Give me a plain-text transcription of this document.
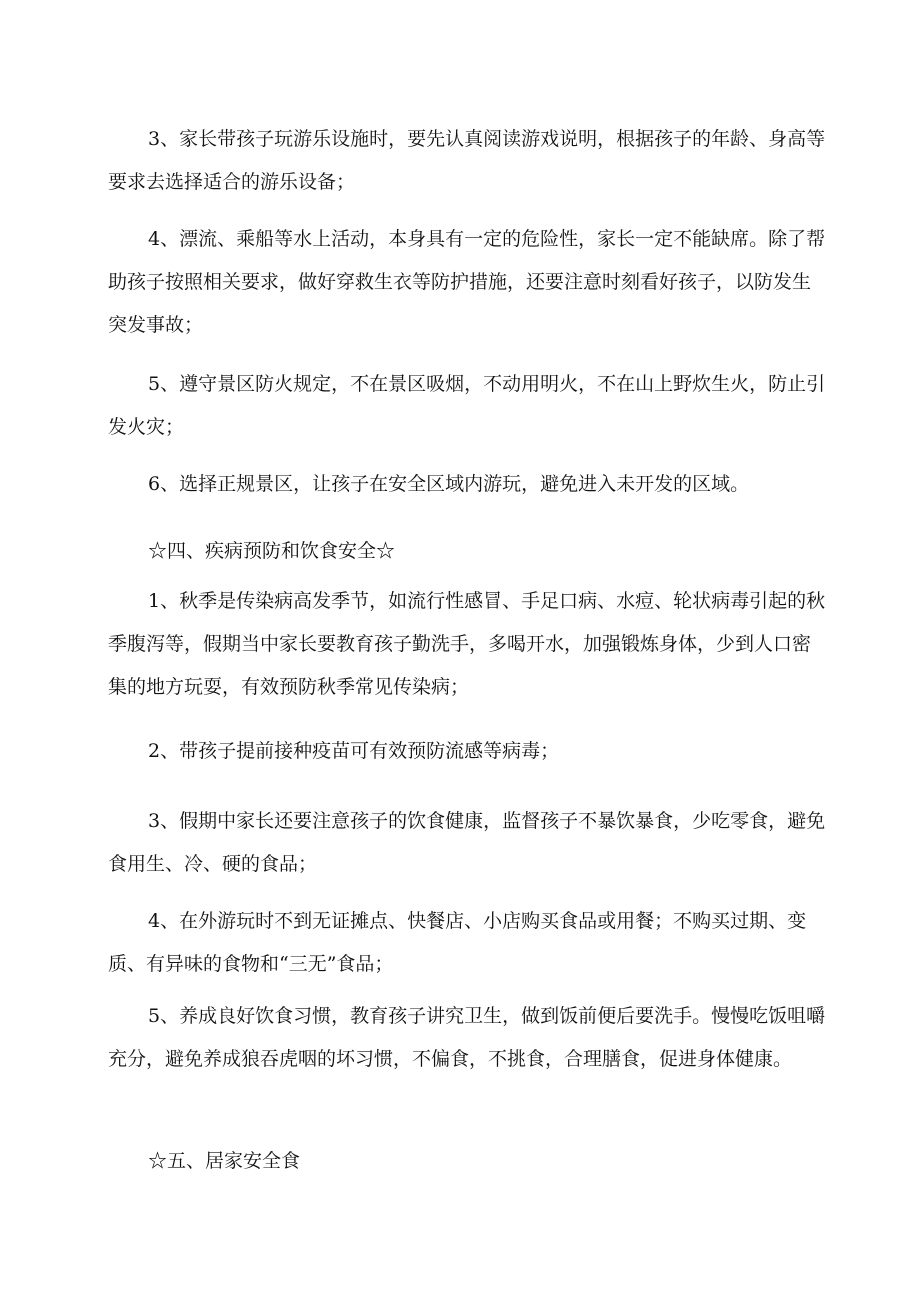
3、家长带孩子玩游乐设施时，要先认真阅读游戏说明，根据孩子的年龄、身高等要求去选择适合的游乐设备；

4、漂流、乘船等水上活动，本身具有一定的危险性，家长一定不能缺席。除了帮助孩子按照相关要求，做好穿救生衣等防护措施，还要注意时刻看好孩子，以防发生突发事故；

5、遵守景区防火规定，不在景区吸烟，不动用明火，不在山上野炊生火，防止引发火灾；

6、选择正规景区，让孩子在安全区域内游玩，避免进入未开发的区域。

☆四、疾病预防和饮食安全☆

1、秋季是传染病高发季节，如流行性感冒、手足口病、水痘、轮状病毒引起的秋季腹泻等，假期当中家长要教育孩子勤洗手，多喝开水，加强锻炼身体，少到人口密集的地方玩耍，有效预防秋季常见传染病；

2、带孩子提前接种疫苗可有效预防流感等病毒；

3、假期中家长还要注意孩子的饮食健康，监督孩子不暴饮暴食，少吃零食，避免食用生、冷、硬的食品；

4、在外游玩时不到无证摊点、快餐店、小店购买食品或用餐；不购买过期、变质、有异味的食物和“三无”食品；

5、养成良好饮食习惯，教育孩子讲究卫生，做到饭前便后要洗手。慢慢吃饭咀嚼充分，避免养成狼吞虎咽的坏习惯，不偏食，不挑食，合理膳食，促进身体健康。

☆五、居家安全食
